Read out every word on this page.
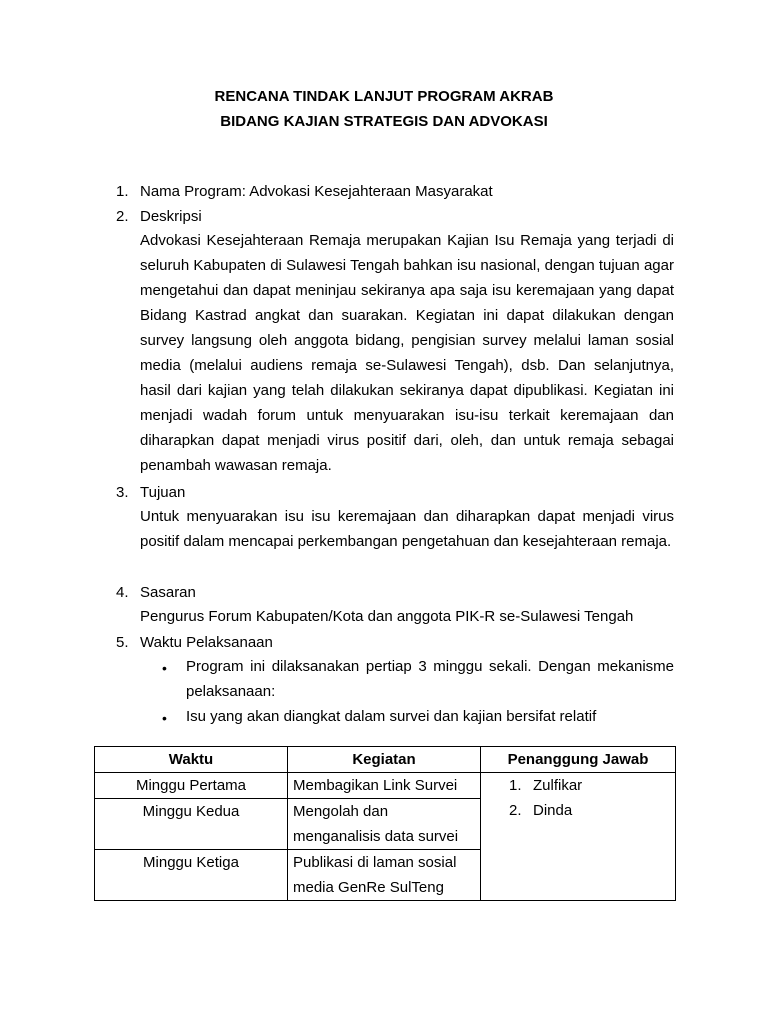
RENCANA TINDAK LANJUT PROGRAM AKRAB
BIDANG KAJIAN STRATEGIS DAN ADVOKASI
1. Nama Program: Advokasi Kesejahteraan Masyarakat
2. Deskripsi

Advokasi Kesejahteraan Remaja merupakan Kajian Isu Remaja yang terjadi di seluruh Kabupaten di Sulawesi Tengah bahkan isu nasional, dengan tujuan agar mengetahui dan dapat meninjau sekiranya apa saja isu keremajaan yang dapat Bidang Kastrad angkat dan suarakan. Kegiatan ini dapat dilakukan dengan survey langsung oleh anggota bidang, pengisian survey melalui laman sosial media (melalui audiens remaja se-Sulawesi Tengah), dsb. Dan selanjutnya, hasil dari kajian yang telah dilakukan sekiranya dapat dipublikasi. Kegiatan ini menjadi wadah forum untuk menyuarakan isu-isu terkait keremajaan dan diharapkan dapat menjadi virus positif dari, oleh, dan untuk remaja sebagai penambah wawasan remaja.

3. Tujuan

Untuk menyuarakan isu isu keremajaan dan diharapkan dapat menjadi virus positif dalam mencapai perkembangan pengetahuan dan kesejahteraan remaja.

4. Sasaran

Pengurus Forum Kabupaten/Kota dan anggota PIK-R se-Sulawesi Tengah

5. Waktu Pelaksanaan
• Program ini dilaksanakan pertiap 3 minggu sekali. Dengan mekanisme pelaksanaan:

• Isu yang akan diangkat dalam survei dan kajian bersifat relatif

Waktu	Kegiatan	Penanggung Jawab
Minggu Pertama	Membagikan Link Survei	1. Zulfikar
2. Dinda

Minggu Kedua	Mengolah dan menganalisis data survei	
Minggu Ketiga	Publikasi di laman sosial media GenRe SulTeng	
